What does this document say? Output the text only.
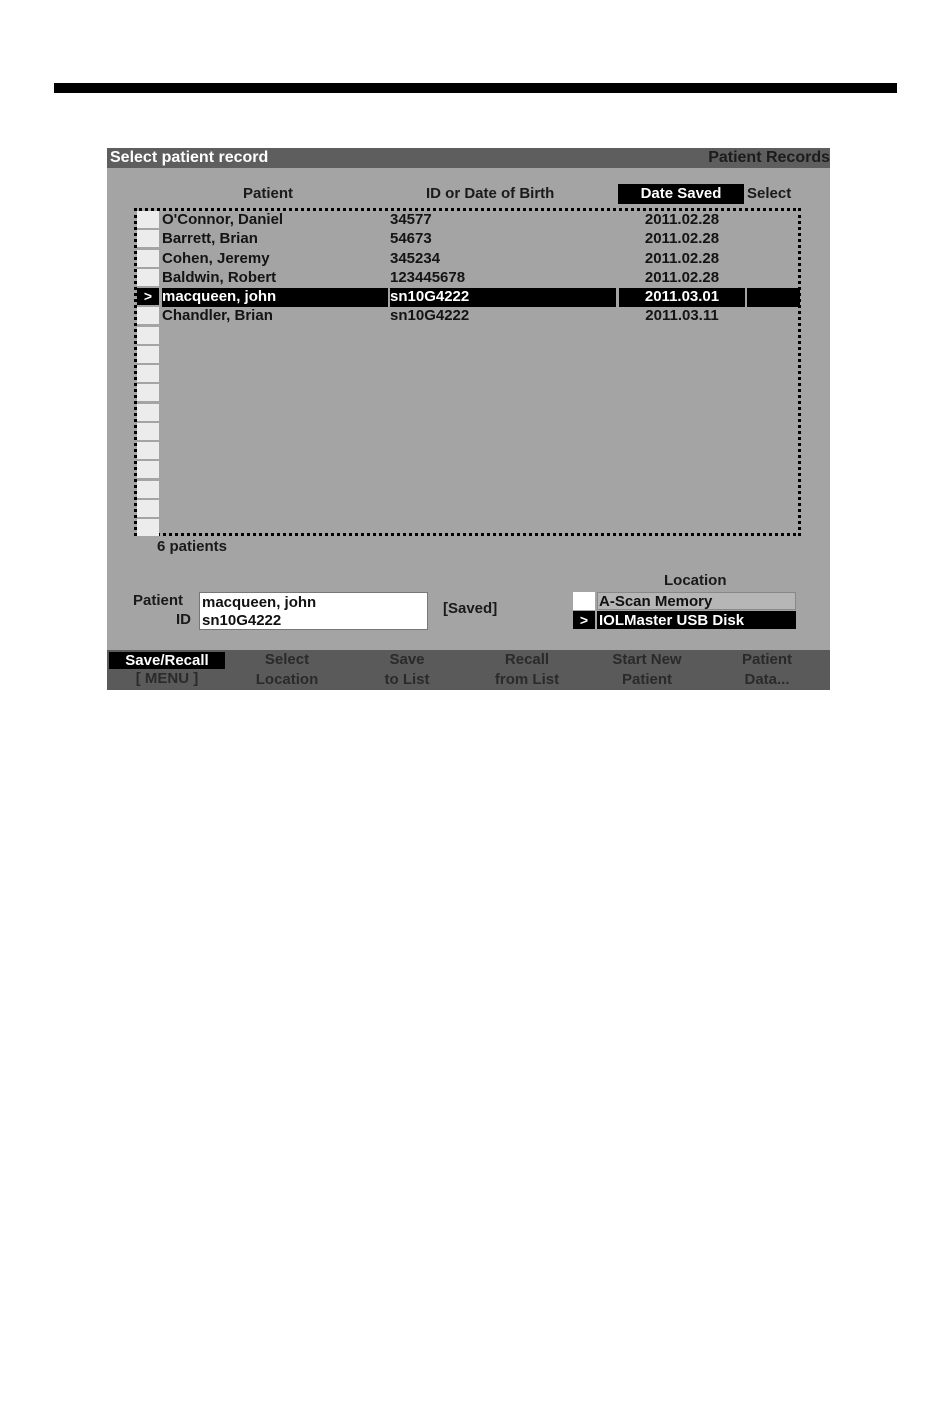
Select patient record	Patient Records
Patient	ID or Date of Birth	Date Saved	Select
O'Connor, Daniel	34577	2011.02.28
Barrett, Brian	54673	2011.02.28
Cohen, Jeremy	345234	2011.02.28
Baldwin, Robert	123445678	2011.02.28
> macqueen, john	sn10G4222	2011.03.01
Chandler, Brian	sn10G4222	2011.03.11
6 patients
Patient
ID
macqueen, john
sn10G4222
[Saved]
Location
A-Scan Memory
> IOLMaster USB Disk
Save/Recall
[ MENU ]
Select
Location
Save
to List
Recall
from List
Start New
Patient
Patient
Data...
